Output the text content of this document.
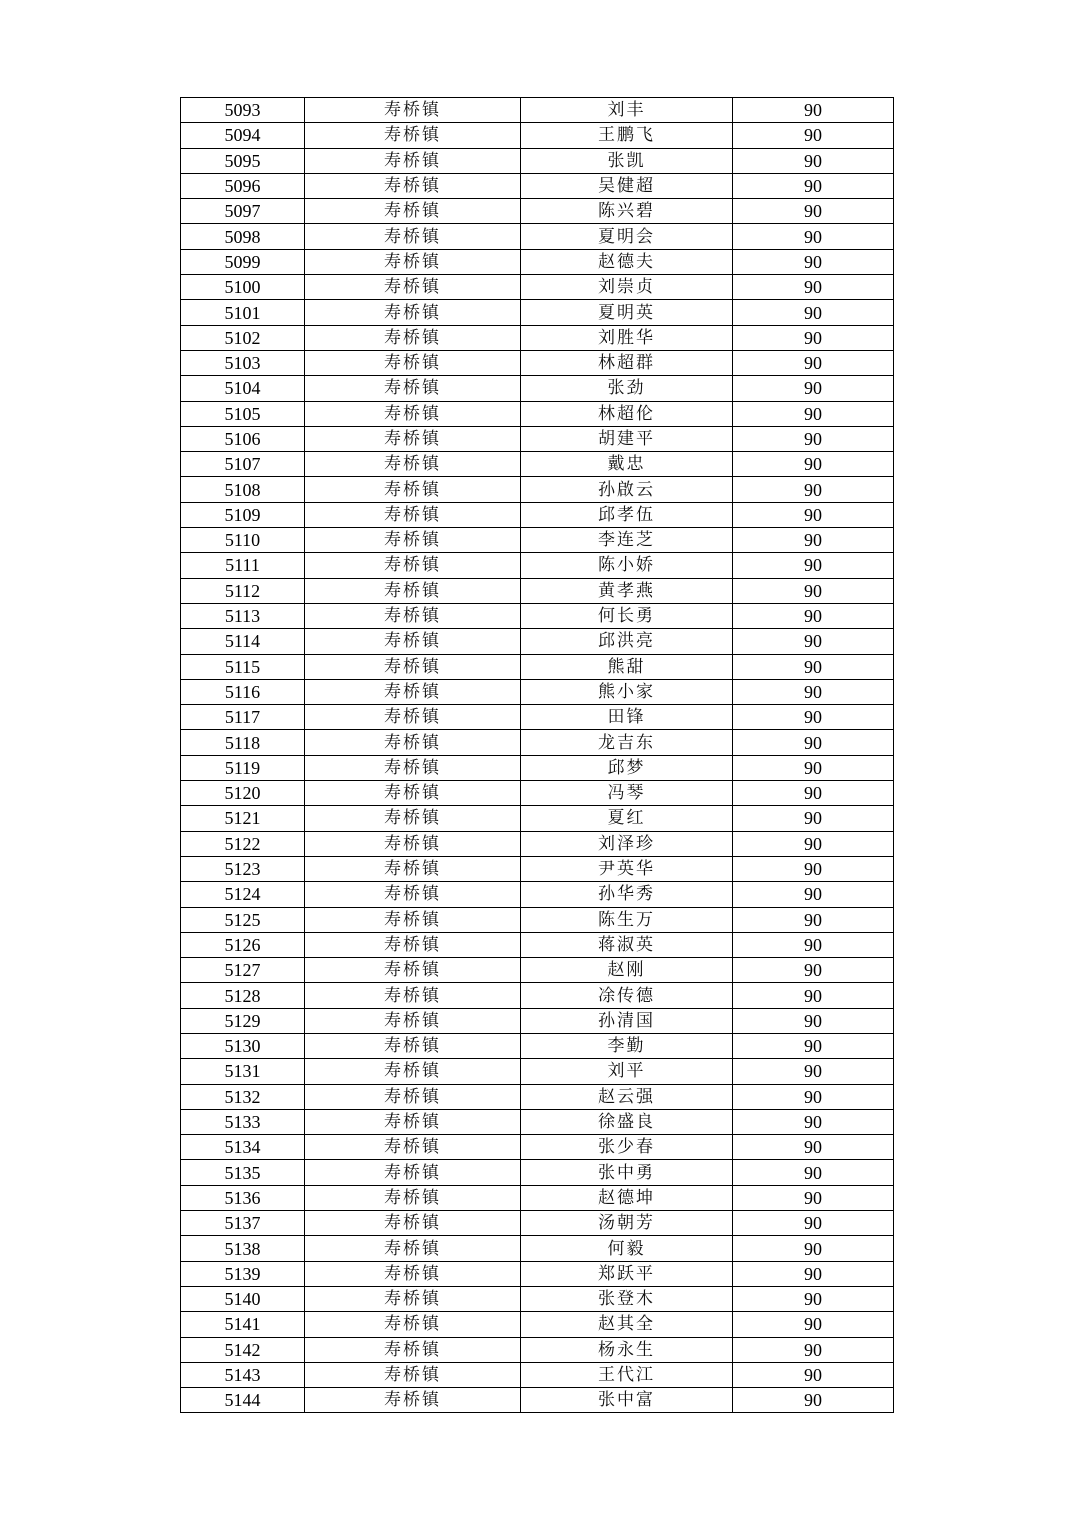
5093	寿桥镇	刘丰	90
5094	寿桥镇	王鹏飞	90
5095	寿桥镇	张凯	90
5096	寿桥镇	吴健超	90
5097	寿桥镇	陈兴碧	90
5098	寿桥镇	夏明会	90
5099	寿桥镇	赵德夫	90
5100	寿桥镇	刘崇贞	90
5101	寿桥镇	夏明英	90
5102	寿桥镇	刘胜华	90
5103	寿桥镇	林超群	90
5104	寿桥镇	张劲	90
5105	寿桥镇	林超伦	90
5106	寿桥镇	胡建平	90
5107	寿桥镇	戴忠	90
5108	寿桥镇	孙啟云	90
5109	寿桥镇	邱孝伍	90
5110	寿桥镇	李连芝	90
5111	寿桥镇	陈小娇	90
5112	寿桥镇	黄孝燕	90
5113	寿桥镇	何长勇	90
5114	寿桥镇	邱洪亮	90
5115	寿桥镇	熊甜	90
5116	寿桥镇	熊小家	90
5117	寿桥镇	田锋	90
5118	寿桥镇	龙吉东	90
5119	寿桥镇	邱梦	90
5120	寿桥镇	冯琴	90
5121	寿桥镇	夏红	90
5122	寿桥镇	刘泽珍	90
5123	寿桥镇	尹英华	90
5124	寿桥镇	孙华秀	90
5125	寿桥镇	陈生万	90
5126	寿桥镇	蒋淑英	90
5127	寿桥镇	赵刚	90
5128	寿桥镇	凃传德	90
5129	寿桥镇	孙清国	90
5130	寿桥镇	李勤	90
5131	寿桥镇	刘平	90
5132	寿桥镇	赵云强	90
5133	寿桥镇	徐盛良	90
5134	寿桥镇	张少春	90
5135	寿桥镇	张中勇	90
5136	寿桥镇	赵德坤	90
5137	寿桥镇	汤朝芳	90
5138	寿桥镇	何毅	90
5139	寿桥镇	郑跃平	90
5140	寿桥镇	张登木	90
5141	寿桥镇	赵其全	90
5142	寿桥镇	杨永生	90
5143	寿桥镇	王代江	90
5144	寿桥镇	张中富	90
